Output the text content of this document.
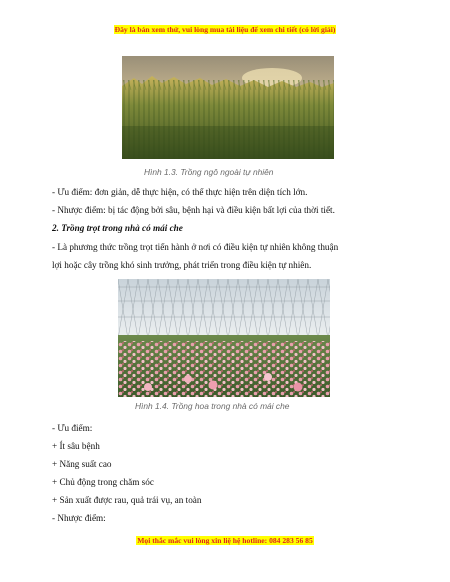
Đây là bản xem thử, vui lòng mua tài liệu để xem chi tiết (có lời giải)
Hình 1.3. Trồng ngô ngoài tự nhiên
- Ưu điểm: đơn giản, dễ thực hiện, có thể thực hiện trên diện tích lớn.
- Nhược điểm: bị tác động bởi sâu, bệnh hại và điều kiện bất lợi của thời tiết.
2. Trồng trọt trong nhà có mái che
- Là phương thức trồng trọt tiến hành ở nơi có điều kiện tự nhiên không thuận
lợi hoặc cây trồng khó sinh trưởng, phát triển trong điều kiện tự nhiên.
Hình 1.4. Trồng hoa trong nhà có mái che
- Ưu điểm:
+ Ít sâu bệnh
+ Năng suất cao
+ Chủ động trong chăm sóc
+ Sản xuất được rau, quả trái vụ, an toàn
- Nhược điểm:
Mọi thắc mắc vui lòng xin liệ hệ hotline: 084 283 56 85
